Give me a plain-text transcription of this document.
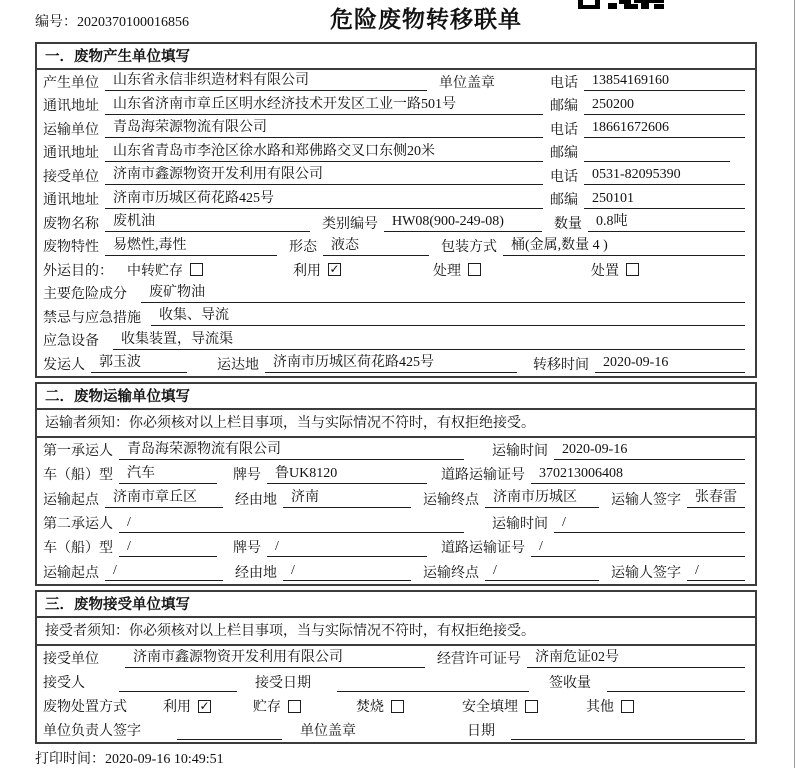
编号：2020370100016856	危险废物转移联单
一．废物产生单位填写
产生单位	山东省永信非织造材料有限公司	单位盖章	电话	13854169160
通讯地址	山东省济南市章丘区明水经济技术开发区工业一路501号	邮编	250200
运输单位	青岛海荣源物流有限公司	电话	18661672606
通讯地址	山东省青岛市李沧区徐水路和郑佛路交叉口东侧20米	邮编
接受单位	济南市鑫源物资开发利用有限公司	电话	0531-82095390
通讯地址	济南市历城区荷花路425号	邮编	250101
废物名称	废机油	类别编号	HW08(900-249-08)	数量	0.8吨
废物特性	易燃性,毒性	形态	液态	包装方式	桶(金属,数量 4 )
外运目的： 中转贮存	利用 ✓	处理	处置
主要危险成分	废矿物油
禁忌与应急措施	收集、导流
应急设备	收集装置，导流渠
发运人	郭玉波	运达地	济南市历城区荷花路425号	转移时间	2020-09-16
二．废物运输单位填写
运输者须知：你必须核对以上栏目事项，当与实际情况不符时，有权拒绝接受。
第一承运人	青岛海荣源物流有限公司	运输时间	2020-09-16
车（船）型	汽车	牌号	鲁UK8120	道路运输证号	370213006408
运输起点	济南市章丘区	经由地	济南	运输终点	济南市历城区	运输人签字	张春雷
第二承运人	/	运输时间	/
车（船）型	/	牌号	/	道路运输证号	/
运输起点	/	经由地	/	运输终点	/	运输人签字	/
三．废物接受单位填写
接受者须知：你必须核对以上栏目事项，当与实际情况不符时，有权拒绝接受。
接受单位	济南市鑫源物资开发利用有限公司	经营许可证号	济南危证02号
接受人	接受日期	签收量
废物处置方式	利用 ✓	贮存	焚烧	安全填埋	其他
单位负责人签字	单位盖章	日期
打印时间：2020-09-16 10:49:51
